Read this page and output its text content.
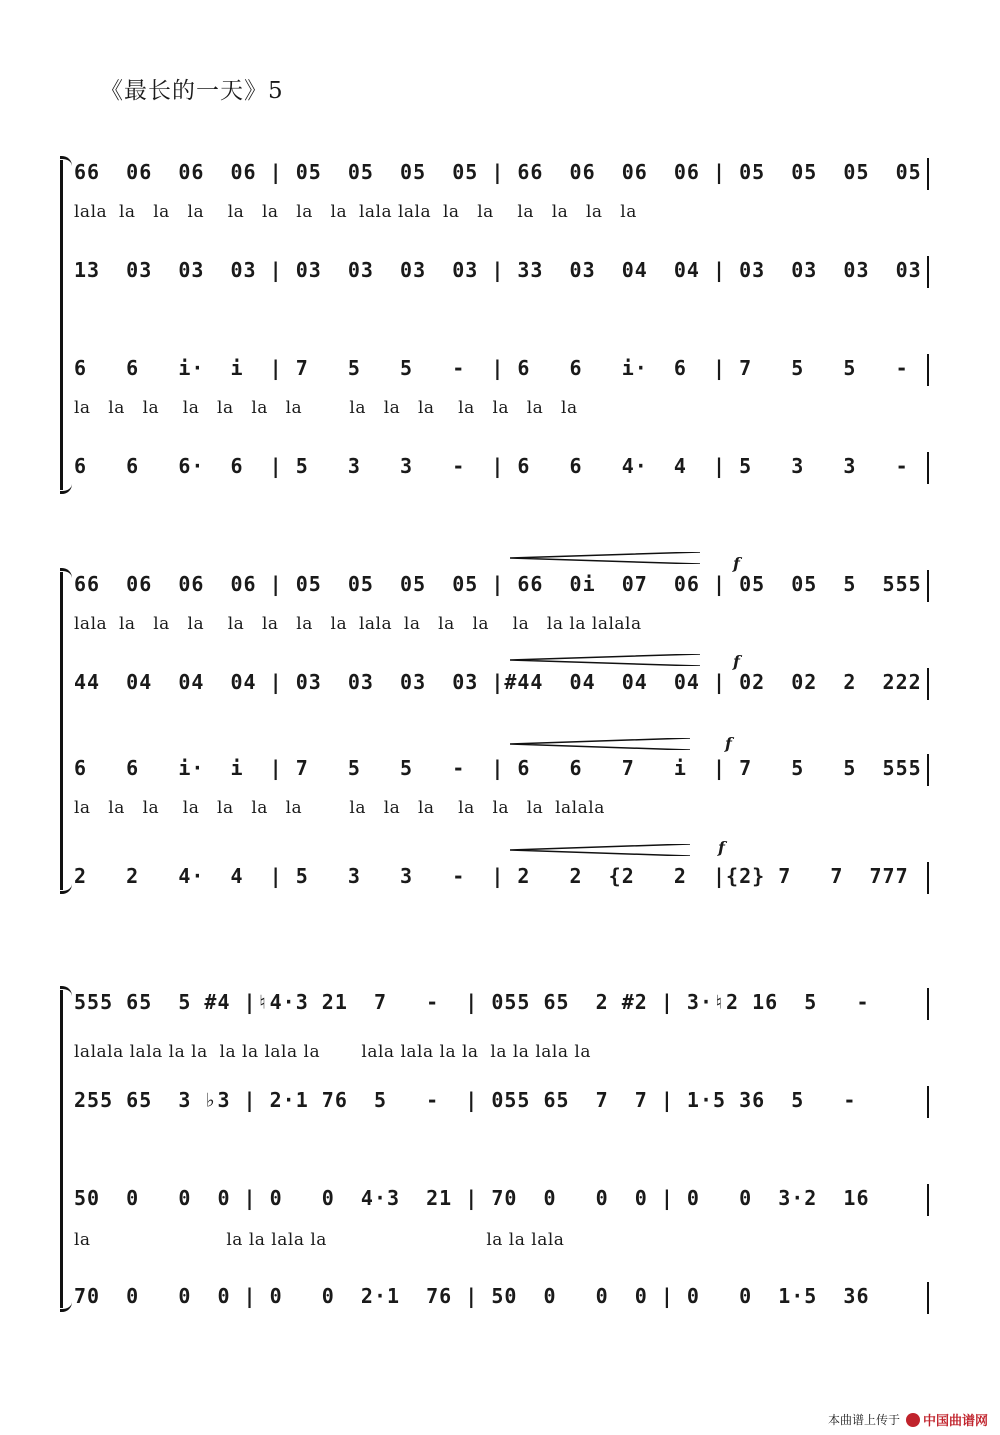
《最长的一天》5
66  06  06  06 | 05  05  05  05 | 66  06  06  06 | 05  05  05  05
lala  la   la   la    la   la   la   la  lala lala  la   la    la   la   la   la
13  03  03  03 | 03  03  03  03 | 33  03  04  04 | 03  03  03  03
6   6   i·  i  | 7   5   5   -  | 6   6   i·  6  | 7   5   5   -
la   la   la    la   la   la   la        la   la   la    la   la   la   la
6   6   6·  6  | 5   3   3   -  | 6   6   4·  4  | 5   3   3   -
f
66  06  06  06 | 05  05  05  05 | 66  0i  07  06 | 05  05  5  555
lala  la   la   la    la   la   la   la  lala  la   la   la    la   la la lalala
f
44  04  04  04 | 03  03  03  03 |#44  04  04  04 | 02  02  2  222
f
6   6   i·  i  | 7   5   5   -  | 6   6   7   i  | 7   5   5  555
la   la   la    la   la   la   la        la   la   la    la   la   la  lalala
f
2   2   4·  4  | 5   3   3   -  | 2   2  {2   2  |{2} 7   7  777
555 65  5 #4 |♮4·3 21  7   -  | 055 65  2 #2 | 3·♮2 16  5   -
lalala lala la la  la la lala la       lala lala la la  la la lala la
255 65  3 ♭3 | 2·1 76  5   -  | 055 65  7  7 | 1·5 36  5   -
50  0   0  0 | 0   0  4·3  21 | 70  0   0  0 | 0   0  3·2  16
la                       la la lala la                           la la lala
70  0   0  0 | 0   0  2·1  76 | 50  0   0  0 | 0   0  1·5  36
本曲谱上传于 中国曲谱网
